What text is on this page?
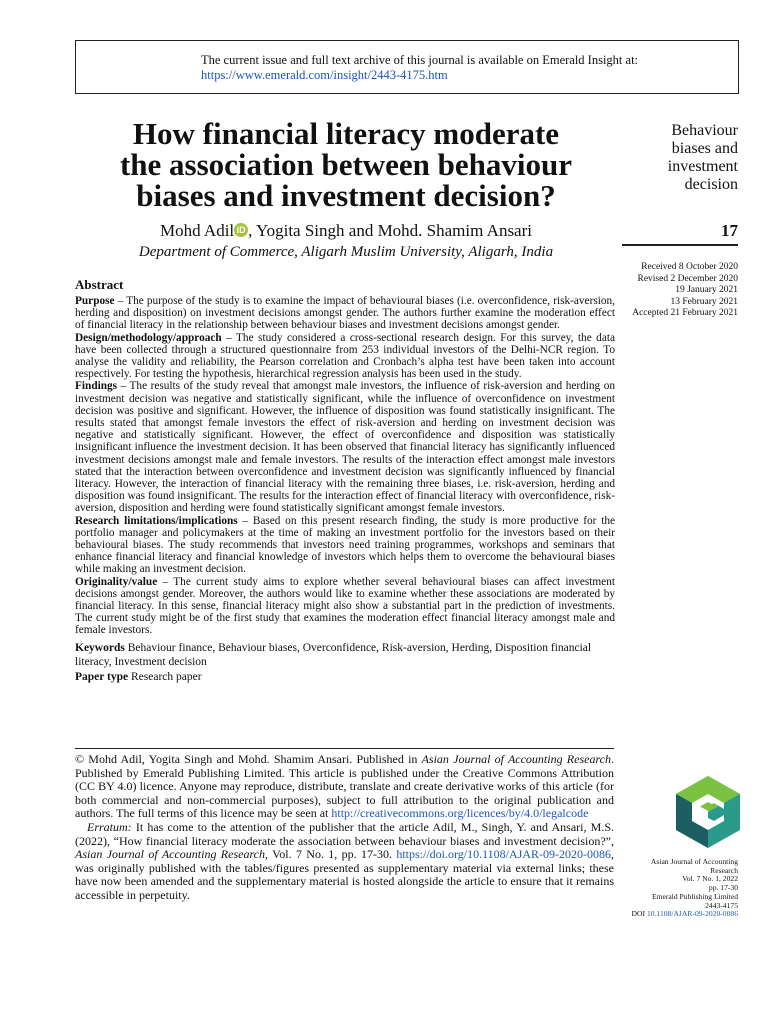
The current issue and full text archive of this journal is available on Emerald Insight at:
https://www.emerald.com/insight/2443-4175.htm
How financial literacy moderate
the association between behaviour
biases and investment decision?
Mohd Adil iD , Yogita Singh and Mohd. Shamim Ansari
Department of Commerce, Aligarh Muslim University, Aligarh, India
Behaviour
biases and
investment
decision
17
Received 8 October 2020
Revised 2 December 2020
19 January 2021
13 February 2021
Accepted 21 February 2021
Abstract

Purpose – The purpose of the study is to examine the impact of behavioural biases (i.e. overconfidence, risk-aversion, herding and disposition) on investment decisions amongst gender. The authors further examine the moderation effect of financial literacy in the relationship between behaviour biases and investment decisions amongst gender.

Design/methodology/approach – The study considered a cross-sectional research design. For this survey, the data have been collected through a structured questionnaire from 253 individual investors of the Delhi-NCR region. To analyse the validity and reliability, the Pearson correlation and Cronbach’s alpha test have been taken into account respectively. For testing the hypothesis, hierarchical regression analysis has been used in the study.

Findings – The results of the study reveal that amongst male investors, the influence of risk-aversion and herding on investment decision was negative and statistically significant, while the influence of overconfidence on investment decision was positive and significant. However, the influence of disposition was found statistically insignificant. The results stated that amongst female investors the effect of risk-aversion and herding on investment decision was negative and statistically significant. However, the effect of overconfidence and disposition was statistically insignificant influence the investment decision. It has been observed that financial literacy has significantly influenced investment decisions amongst male and female investors. The results of the interaction effect amongst male investors stated that the interaction between overconfidence and investment decision was significantly influenced by financial literacy. However, the interaction of financial literacy with the remaining three biases, i.e. risk-aversion, herding and disposition was found insignificant. The results for the interaction effect of financial literacy with overconfidence, risk-aversion, disposition and herding were found statistically significant amongst female investors.

Research limitations/implications – Based on this present research finding, the study is more productive for the portfolio manager and policymakers at the time of making an investment portfolio for the investors based on their behavioural biases. The study recommends that investors need training programmes, workshops and seminars that enhance financial literacy and financial knowledge of investors which helps them to overcome the behavioural biases while making an investment decision.

Originality/value – The current study aims to explore whether several behavioural biases can affect investment decisions amongst gender. Moreover, the authors would like to examine whether these associations are moderated by financial literacy. In this sense, financial literacy might also show a substantial part in the prediction of investments. The current study might be of the first study that examines the moderation effect financial literacy amongst male and female investors.

Keywords Behaviour finance, Behaviour biases, Overconfidence, Risk-aversion, Herding, Disposition financial literacy, Investment decision

Paper type Research paper

© Mohd Adil, Yogita Singh and Mohd. Shamim Ansari. Published in Asian Journal of Accounting Research. Published by Emerald Publishing Limited. This article is published under the Creative Commons Attribution (CC BY 4.0) licence. Anyone may reproduce, distribute, translate and create derivative works of this article (for both commercial and non-commercial purposes), subject to full attribution to the original publication and authors. The full terms of this licence may be seen at http://creativecommons.org/licences/by/4.0/legalcode

Erratum: It has come to the attention of the publisher that the article Adil, M., Singh, Y. and Ansari, M.S. (2022), “How financial literacy moderate the association between behaviour biases and investment decision?”, Asian Journal of Accounting Research, Vol. 7 No. 1, pp. 17-30. https://doi.org/10.1108/AJAR-09-2020-0086, was originally published with the tables/figures presented as supplementary material via external links; these have now been amended and the supplementary material is hosted alongside the article to ensure that it remains accessible in perpetuity.

Asian Journal of Accounting
Research
Vol. 7 No. 1, 2022
pp. 17-30
Emerald Publishing Limited
2443-4175
DOI 10.1108/AJAR-09-2020-0086
